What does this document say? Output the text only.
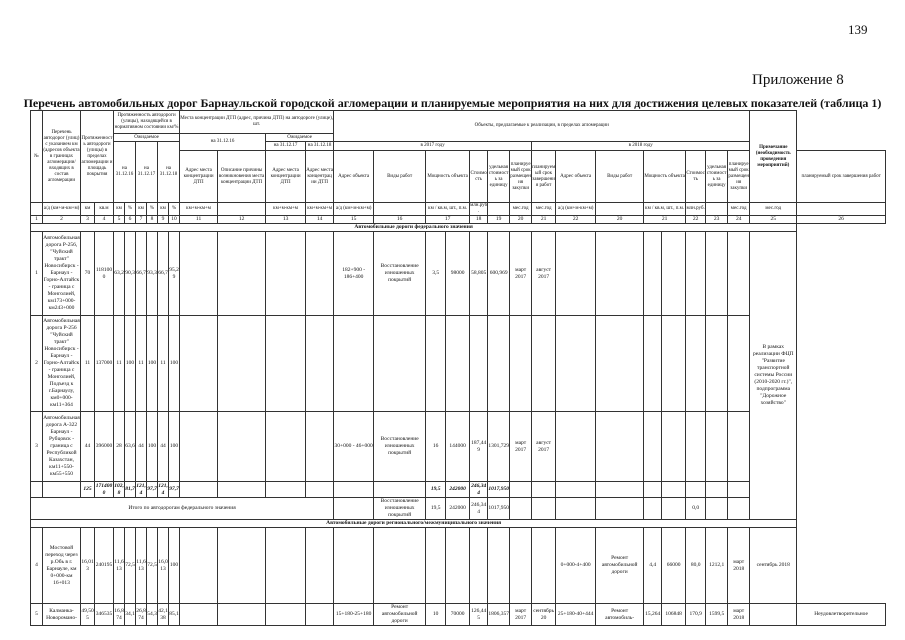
139
Приложение 8
Перечень автомобильных дорог Барнаульской городской агломерации и планируемые мероприятия на них для достижения целевых показателей (таблица 1)
№	Перечень автодорог (улиц) с указанием км (адресов объекта в границах агломерации/входящих в состав агломерации	Протяженность автодороги (улицы) в пределах агломерации и площадь покрытия		Протяженность автодороги (улицы), находящейся в нормативном состоянии км/%						Места концентрации ДТП (адрес, причина ДТП) на автодороге (улице), шт.				Объекты, предлагаемые к реализации, в пределах агломерации															Примечание (необходимость проведения мероприятий)	
				Ожидаемое						на 31.12.16		Ожидаемое																		
				на 31.12.16		на 31.12.17		на 31.12.18				на 31.12.17	на 31.12.18	в 2017 году							в 2018 году									
										Адрес места концентрации ДТП	Описание причины возникновения места концентрации ДТП	Адрес места концентрации ДТП	Адрес места концентрации ДТП	Адрес объекта	Виды работ	Мощность объекта		Стоимость	удельная стоимость за единицу	планируемый срок размещения закупки	планируемый срок завершения работ	Адрес объекта	Виды работ	Мощность объекта		Стоимость	удельная стоимость за единицу	планируемый срок размещения закупки		планируемый срок завершения работ
	а/д (км+м-км+м)	км	кв.м	км	%	км	%	км	%	км+м-км+м		км+м-км+м	км+м-км+м	а/д (км+м-км+м)		км / кв.м, шт., п.м.		млн.руб.		мес.год	мес.год	а/д (км+м-км+м)		км / кв.м, шт., п.м.		млн.руб.		мес.год	мес.год	
1	2	3	4	5	6	7	8	9	10	11	12	13	14	15	16	17		18	19	20	21	22	20	21		22	23	24	25	26
Автомобильные дороги федерального значения																														
1	Автомобильная дорога Р-256, "Чуйский тракт" Новосибирск - Барнаул - Горно-Алтайск - граница с Монголией, км173+000-км243+000	70	1181000	63,2	90,3	66,7	93,3	66,7	95,29					182+900 - 186+400	Восстановление изношенных покрытий	3,5	98000	58,805	600,969	март 2017	август 2017								В рамках реализации ФЦП "Развитие транспортной системы России (2010-2020 гг.)", подпрограмма "Дорожное хозяйство"	
2	Автомобильная дорога Р-256 "Чуйский тракт" Новосибирск - Барнаул - Горно-Алтайск - граница с Монголией, Подъезд к г.Барнаулу, км0+000-км11+364	11	137000	11	100	11	100	11	100																					
3	Автомобильная дорога А-322 Барнаул - Рубцовск - граница с Республикой Казахстан, км11+550-км55+550	44	396000	28	63,6	44	100	44	100					30+000 - 46+000	Восстановление изношенных покрытий	16	144000	187,449	1301,729	март 2017	август 2017									
		125	1714000	102,8	81,7	121,4	97,7	121,4	97,7							19,5	242000	246,344	1017,950											
Итого по автодорогам федерального значения															Восстановление изношенных покрытий	19,5	242000	246,344	1017,950							0,0				
Автомобильные дороги регионального/межмуниципального значения																														
4	Мостовой переход через р.Обь в г. Барнауле, км 0+000-км 16+013	16,013	240195	11,613	72,5	11,613	72,5	16,013	100													0+000-4+400	Ремонт автомобильной дороги	4,4	66000	80,0	1212,1	март 2018	сентябрь 2018	
5	Калманка-Новоромано-	49,505	346535	16,874	34,1	26,874	54,3	42,138	85,1					15+180-25+180	Ремонт автомобильной дороги	10	70000	126,445	1806,357	март 2017	сентябрь20	25+180-40+444	Ремонт автомобиль-	15,264	106848	170,9	1599,5	март 2018		Неудовлетворительное
